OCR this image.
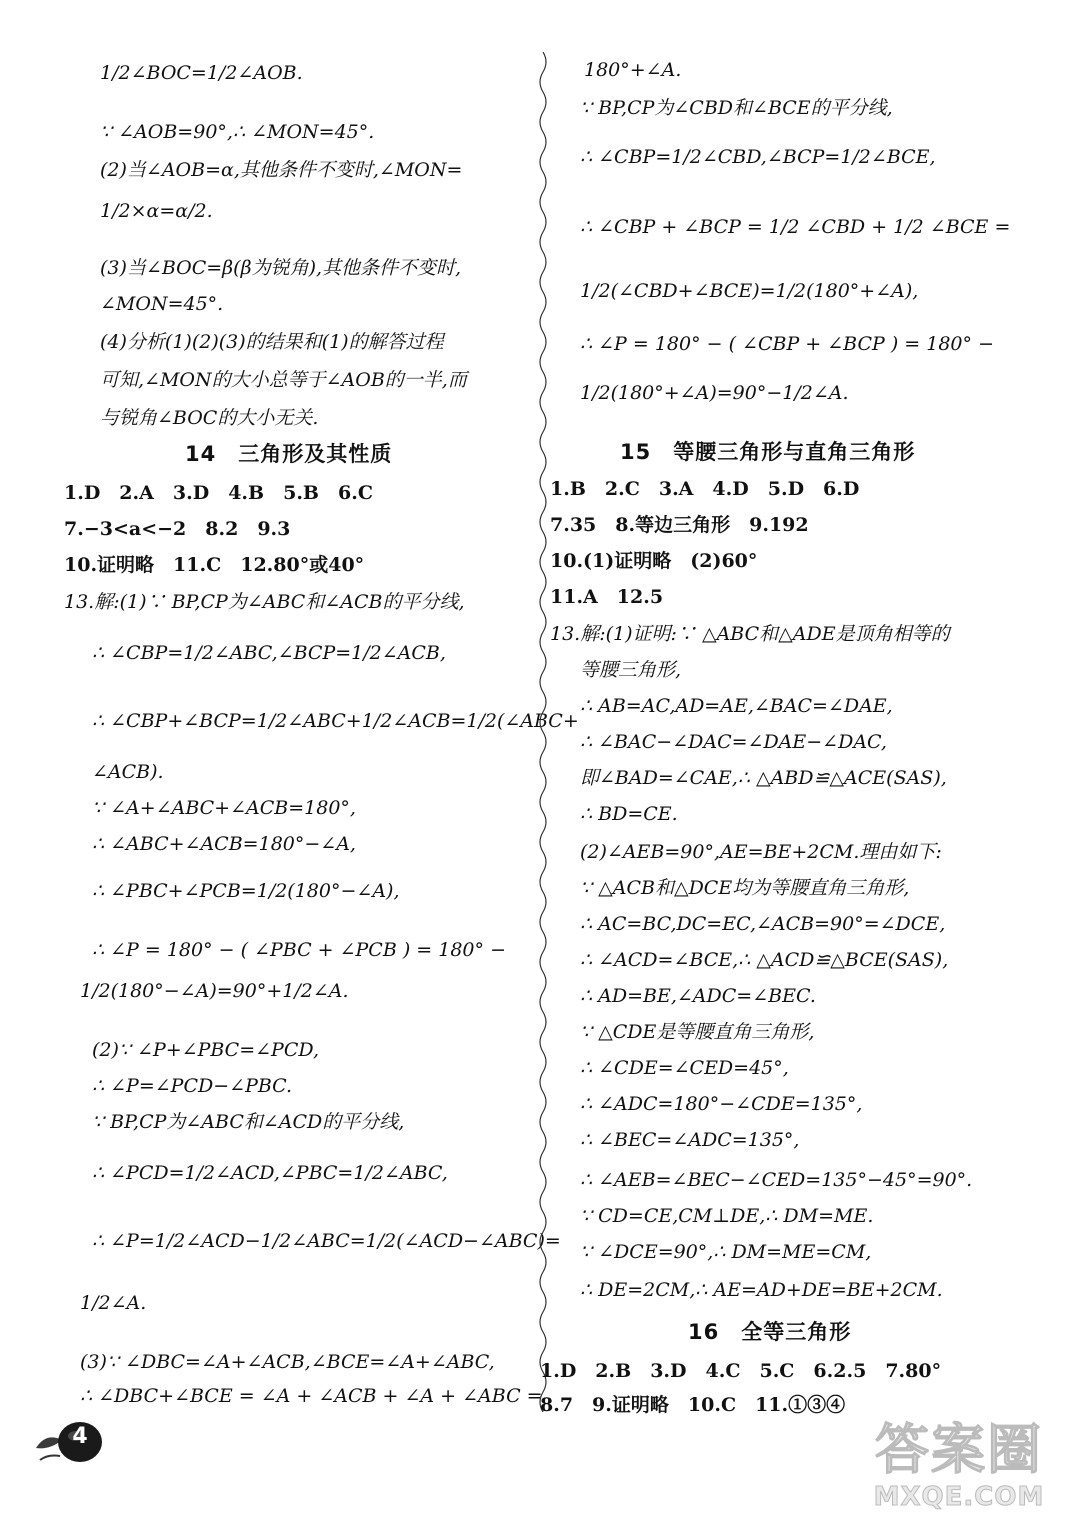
1/2∠BOC=1/2∠AOB.
∵ ∠AOB=90°,∴ ∠MON=45°.
(2)当∠AOB=α,其他条件不变时,∠MON=
1/2×α=α/2.
(3)当∠BOC=β(β为锐角),其他条件不变时,
∠MON=45°.
(4)分析(1)(2)(3)的结果和(1)的解答过程
可知,∠MON的大小总等于∠AOB的一半,而
与锐角∠BOC的大小无关.
14　三角形及其性质
1.D　2.A　3.D　4.B　5.B　6.C
7.−3<a<−2　8.2　9.3
10.证明略　11.C　12.80°或40°
13.解:(1)∵ BP,CP为∠ABC和∠ACB的平分线,
∴ ∠CBP=1/2∠ABC,∠BCP=1/2∠ACB,
∴ ∠CBP+∠BCP=1/2∠ABC+1/2∠ACB=1/2(∠ABC+
∠ACB).
∵ ∠A+∠ABC+∠ACB=180°,
∴ ∠ABC+∠ACB=180°−∠A,
∴ ∠PBC+∠PCB=1/2(180°−∠A),
∴ ∠P = 180° − ( ∠PBC + ∠PCB ) = 180° −
1/2(180°−∠A)=90°+1/2∠A.
(2)∵ ∠P+∠PBC=∠PCD,
∴ ∠P=∠PCD−∠PBC.
∵ BP,CP为∠ABC和∠ACD的平分线,
∴ ∠PCD=1/2∠ACD,∠PBC=1/2∠ABC,
∴ ∠P=1/2∠ACD−1/2∠ABC=1/2(∠ACD−∠ABC)=
1/2∠A.
(3)∵ ∠DBC=∠A+∠ACB,∠BCE=∠A+∠ABC,
∴ ∠DBC+∠BCE = ∠A + ∠ACB + ∠A + ∠ABC =
180°+∠A.
∵ BP,CP为∠CBD和∠BCE的平分线,
∴ ∠CBP=1/2∠CBD,∠BCP=1/2∠BCE,
∴ ∠CBP + ∠BCP = 1/2 ∠CBD + 1/2 ∠BCE =
1/2(∠CBD+∠BCE)=1/2(180°+∠A),
∴ ∠P = 180° − ( ∠CBP + ∠BCP ) = 180° −
1/2(180°+∠A)=90°−1/2∠A.
15　等腰三角形与直角三角形
1.B　2.C　3.A　4.D　5.D　6.D
7.35　8.等边三角形　9.192
10.(1)证明略　(2)60°
11.A　12.5
13.解:(1)证明:∵ △ABC和△ADE是顶角相等的
等腰三角形,
∴ AB=AC,AD=AE,∠BAC=∠DAE,
∴ ∠BAC−∠DAC=∠DAE−∠DAC,
即∠BAD=∠CAE,∴ △ABD≌△ACE(SAS),
∴ BD=CE.
(2)∠AEB=90°,AE=BE+2CM.理由如下:
∵ △ACB和△DCE均为等腰直角三角形,
∴ AC=BC,DC=EC,∠ACB=90°=∠DCE,
∴ ∠ACD=∠BCE,∴ △ACD≌△BCE(SAS),
∴ AD=BE,∠ADC=∠BEC.
∵ △CDE是等腰直角三角形,
∴ ∠CDE=∠CED=45°,
∴ ∠ADC=180°−∠CDE=135°,
∴ ∠BEC=∠ADC=135°,
∴ ∠AEB=∠BEC−∠CED=135°−45°=90°.
∵ CD=CE,CM⊥DE,∴ DM=ME.
∵ ∠DCE=90°,∴ DM=ME=CM,
∴ DE=2CM,∴ AE=AD+DE=BE+2CM.
16　全等三角形
1.D　2.B　3.D　4.C　5.C　6.2.5　7.80°
8.7　9.证明略　10.C　11.①③④
4	答案圈
MXQE.COM
